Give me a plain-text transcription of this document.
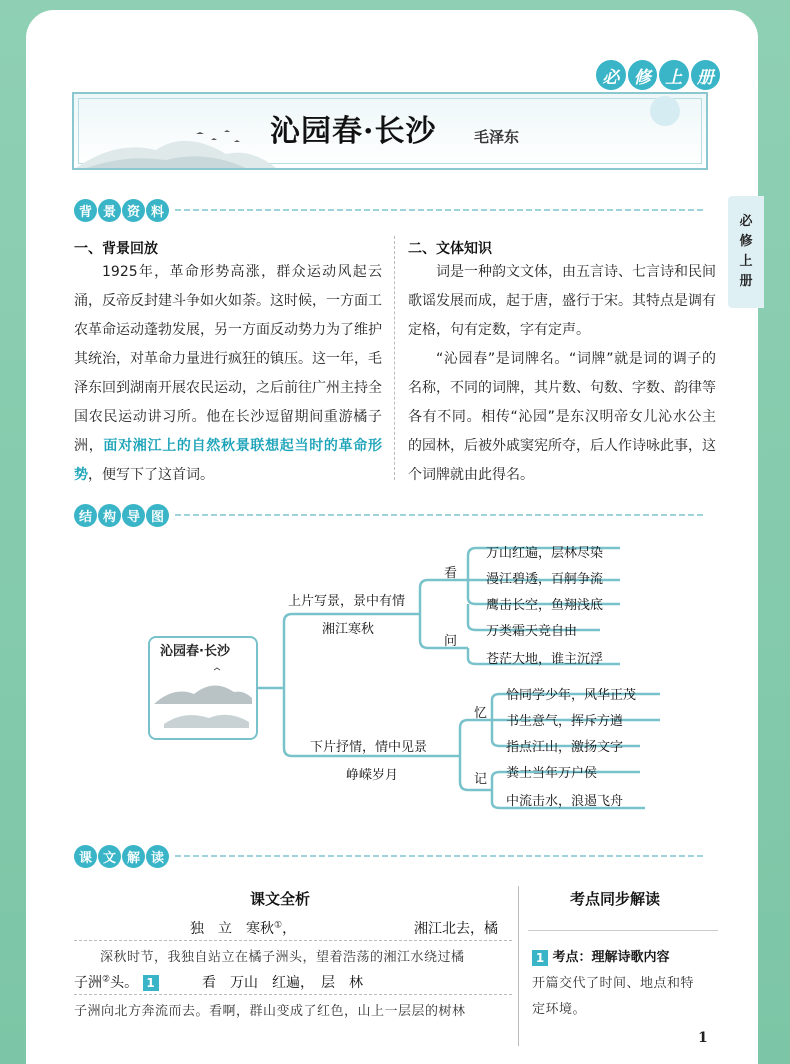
必 修 上 册
必
修
上
册
沁园春·长沙	毛泽东
背 景 资 料
一、背景回放
1925年，革命形势高涨，群众运动风起云涌，反帝反封建斗争如火如荼。这时候，一方面工农革命运动蓬勃发展，另一方面反动势力为了维护其统治，对革命力量进行疯狂的镇压。这一年，毛泽东回到湖南开展农民运动，之后前往广州主持全国农民运动讲习所。他在长沙逗留期间重游橘子洲，面对湘江上的自然秋景联想起当时的革命形势，便写下了这首词。
二、文体知识
词是一种韵文文体，由五言诗、七言诗和民间歌谣发展而成，起于唐，盛行于宋。其特点是调有定格，句有定数，字有定声。
“沁园春”是词牌名。“词牌”就是词的调子的名称，不同的词牌，其片数、句数、字数、韵律等各有不同。相传“沁园”是东汉明帝女儿沁水公主的园林，后被外戚窦宪所夺，后人作诗咏此事，这个词牌就由此得名。
结 构 导 图
沁园春·长沙
上片写景，景中有情
湘江寒秋
看
问
万山红遍，层林尽染
漫江碧透，百舸争流
鹰击长空，鱼翔浅底
万类霜天竞自由
苍茫大地，谁主沉浮
下片抒情，情中见景
峥嵘岁月
忆
记
恰同学少年，风华正茂
书生意气，挥斥方遒
指点江山，激扬文字
粪土当年万户侯
中流击水，浪遏飞舟
课 文 解 读
课文全析	考点同步解读
独　立　寒秋①，	湘江北去，橘
深秋时节，我独自站立在橘子洲头，望着浩荡的湘江水绕过橘
子洲②头。 1	看　万山　红遍，　层　林
子洲向北方奔流而去。看啊，群山变成了红色，山上一层层的树林
1 考点：理解诗歌内容
开篇交代了时间、地点和特
定环境。
1
